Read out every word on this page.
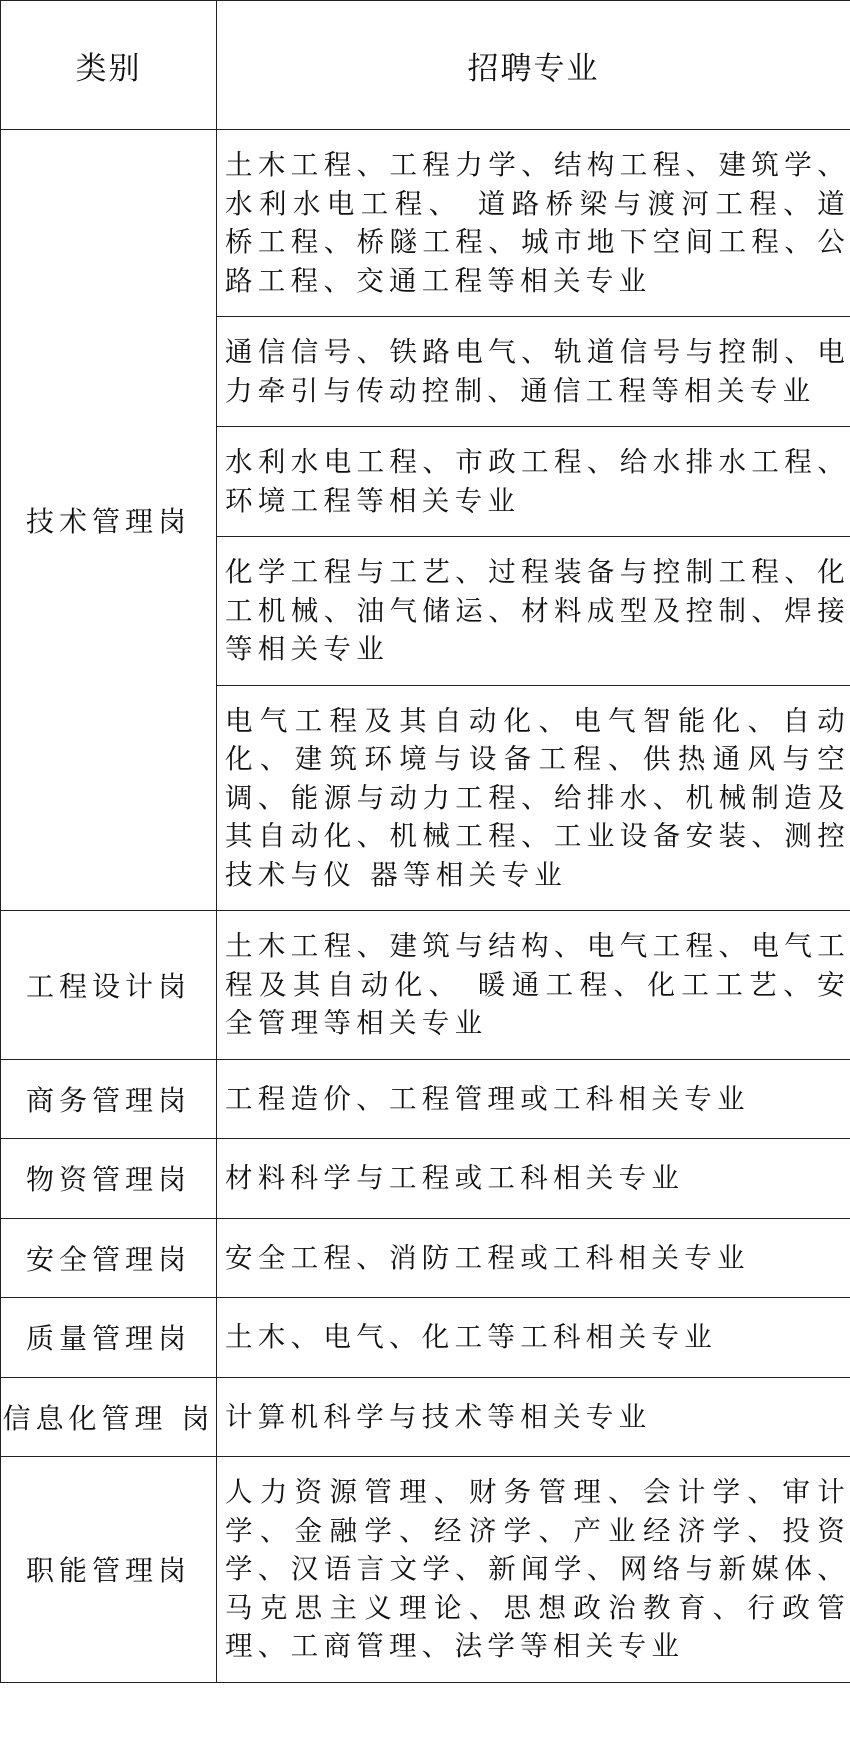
类别	招聘专业
技术管理岗	土木工程、工程力学、结构工程、建筑学、水利水电工程、 道路桥梁与渡河工程、道桥工程、桥隧工程、城市地下空间工程、公路工程、交通工程等相关专业
	通信信号、铁路电气、轨道信号与控制、电力牵引与传动控制、通信工程等相关专业
	水利水电工程、市政工程、给水排水工程、环境工程等相关专业
	化学工程与工艺、过程装备与控制工程、化工机械、油气储运、材料成型及控制、焊接等相关专业
	电气工程及其自动化、电气智能化、自动化、建筑环境与设备工程、供热通风与空调、能源与动力工程、给排水、机械制造及其自动化、机械工程、工业设备安装、测控技术与仪 器等相关专业
工程设计岗	土木工程、建筑与结构、电气工程、电气工程及其自动化、 暖通工程、化工工艺、安全管理等相关专业
商务管理岗	工程造价、工程管理或工科相关专业
物资管理岗	材料科学与工程或工科相关专业
安全管理岗	安全工程、消防工程或工科相关专业
质量管理岗	土木、电气、化工等工科相关专业
信息化管理 岗	计算机科学与技术等相关专业
职能管理岗	人力资源管理、财务管理、会计学、审计学、金融学、经济学、产业经济学、投资学、汉语言文学、新闻学、网络与新媒体、马克思主义理论、思想政治教育、行政管理、工商管理、法学等相关专业
